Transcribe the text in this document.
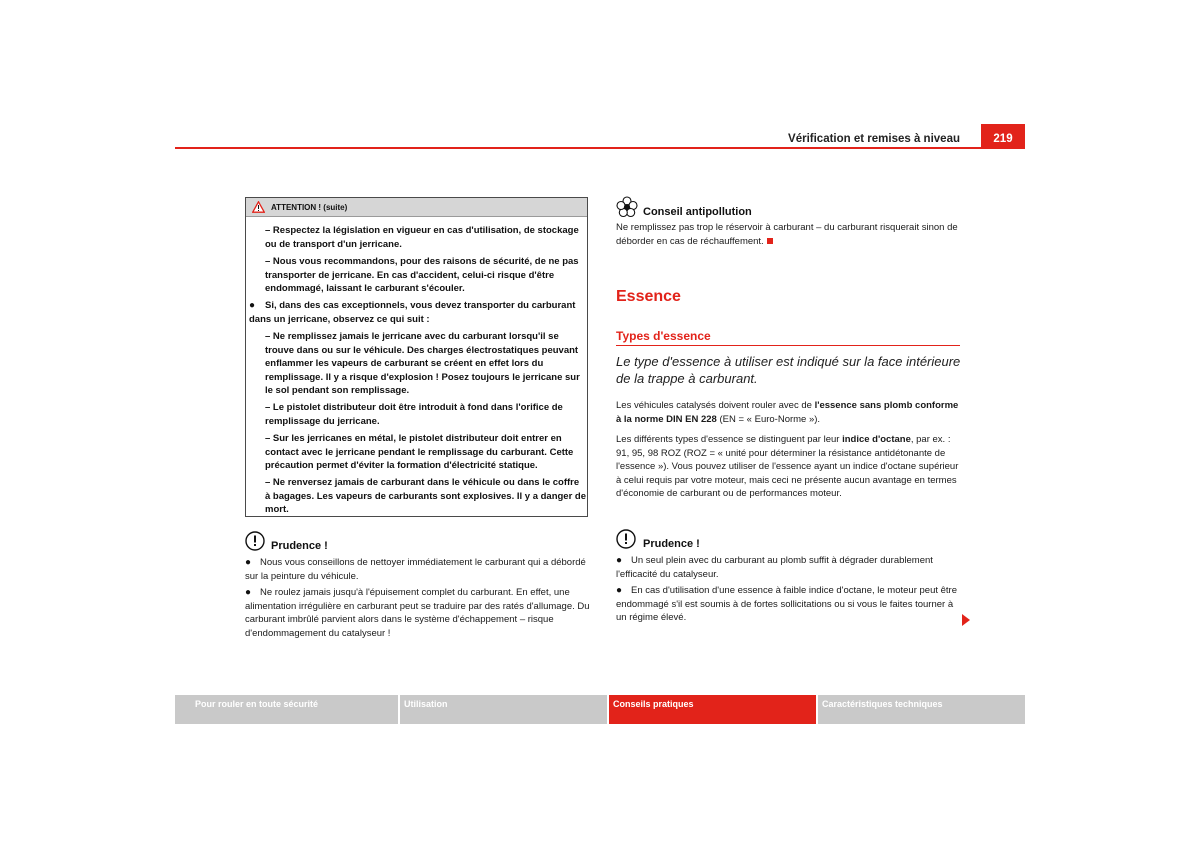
Vérification et remises à niveau	219
ATTENTION ! (suite)

– Respectez la législation en vigueur en cas d'utilisation, de stockage ou de transport d'un jerricane.

– Nous vous recommandons, pour des raisons de sécurité, de ne pas transporter de jerricane. En cas d'accident, celui-ci risque d'être endommagé, laissant le carburant s'écouler.

●	Si, dans des cas exceptionnels, vous devez transporter du carburant dans un jerricane, observez ce qui suit :

– Ne remplissez jamais le jerricane avec du carburant lorsqu'il se trouve dans ou sur le véhicule. Des charges électrostatiques peuvant enflammer les vapeurs de carburant se créent en effet lors du remplissage. Il y a risque d'explosion ! Posez toujours le jerricane sur le sol pendant son remplissage.

– Le pistolet distributeur doit être introduit à fond dans l'orifice de remplissage du jerricane.

– Sur les jerricanes en métal, le pistolet distributeur doit entrer en contact avec le jerricane pendant le remplissage du carburant. Cette précaution permet d'éviter la formation d'électricité statique.

– Ne renversez jamais de carburant dans le véhicule ou dans le coffre à bagages. Les vapeurs de carburants sont explosives. Il y a danger de mort.

Prudence !
● Nous vous conseillons de nettoyer immédiatement le carburant qui a débordé sur la peinture du véhicule.

● Ne roulez jamais jusqu'à l'épuisement complet du carburant. En effet, une alimentation irrégulière en carburant peut se traduire par des ratés d'allumage. Du carburant imbrûlé parvient alors dans le système d'échappement – risque d'endommagement du catalyseur !

Conseil antipollution

Ne remplissez pas trop le réservoir à carburant – du carburant risquerait sinon de déborder en cas de réchauffement.

Essence
Types d'essence

Le type d'essence à utiliser est indiqué sur la face intérieure de la trappe à carburant.

Les véhicules catalysés doivent rouler avec de l'essence sans plomb conforme à la norme DIN EN 228 (EN = « Euro-Norme »).

Les différents types d'essence se distinguent par leur indice d'octane, par ex. : 91, 95, 98 ROZ (ROZ = « unité pour déterminer la résistance antidétonante de l'essence »). Vous pouvez utiliser de l'essence ayant un indice d'octane supérieur à celui requis par votre moteur, mais ceci ne présente aucun avantage en termes d'économie de carburant ou de performances moteur.

Prudence !
● Un seul plein avec du carburant au plomb suffit à dégrader durablement l'efficacité du catalyseur.

● En cas d'utilisation d'une essence à faible indice d'octane, le moteur peut être endommagé s'il est soumis à de fortes sollicitations ou si vous le faites tourner à un régime élevé.

Pour rouler en toute sécurité	Utilisation	Conseils pratiques	Caractéristiques techniques
